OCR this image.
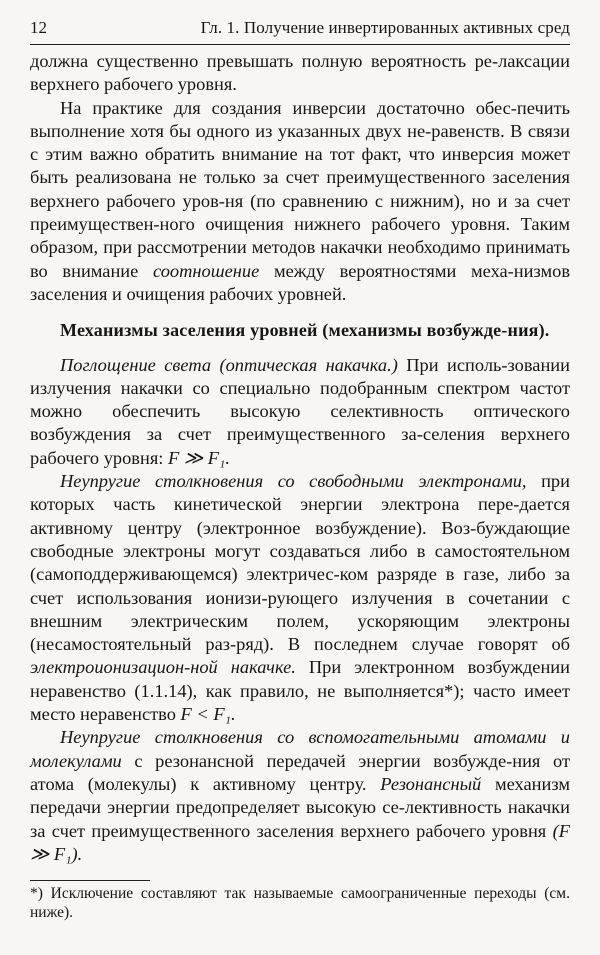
12	Гл. 1. Получение инвертированных активных сред

должна существенно превышать полную вероятность ре-лаксации верхнего рабочего уровня.

На практике для создания инверсии достаточно обес-печить выполнение хотя бы одного из указанных двух не-равенств. В связи с этим важно обратить внимание на тот факт, что инверсия может быть реализована не только за счет преимущественного заселения верхнего рабочего уров-ня (по сравнению с нижним), но и за счет преимуществен-ного очищения нижнего рабочего уровня. Таким образом, при рассмотрении методов накачки необходимо принимать во внимание соотношение между вероятностями меха-низмов заселения и очищения рабочих уровней.

Механизмы заселения уровней (механизмы возбужде-ния).

Поглощение света (оптическая накачка.) При исполь-зовании излучения накачки со специально подобранным спектром частот можно обеспечить высокую селективность оптического возбуждения за счет преимущественного за-селения верхнего рабочего уровня: F ≫ F₁.

Неупругие столкновения со свободными электронами, при которых часть кинетической энергии электрона пере-дается активному центру (электронное возбуждение). Воз-буждающие свободные электроны могут создаваться либо в самостоятельном (самоподдерживающемся) электричес-ком разряде в газе, либо за счет использования ионизи-рующего излучения в сочетании с внешним электрическим полем, ускоряющим электроны (несамостоятельный раз-ряд). В последнем случае говорят об электроионизацион-ной накачке. При электронном возбуждении неравенство (1.1.14), как правило, не выполняется*); часто имеет место неравенство F < F₁.

Неупругие столкновения со вспомогательными атомами и молекулами с резонансной передачей энергии возбужде-ния от атома (молекулы) к активному центру. Резонансный механизм передачи энергии предопределяет высокую се-лективность накачки за счет преимущественного заселения верхнего рабочего уровня (F ≫ F₁).

*) Исключение составляют так называемые самоограниченные переходы (см. ниже).
